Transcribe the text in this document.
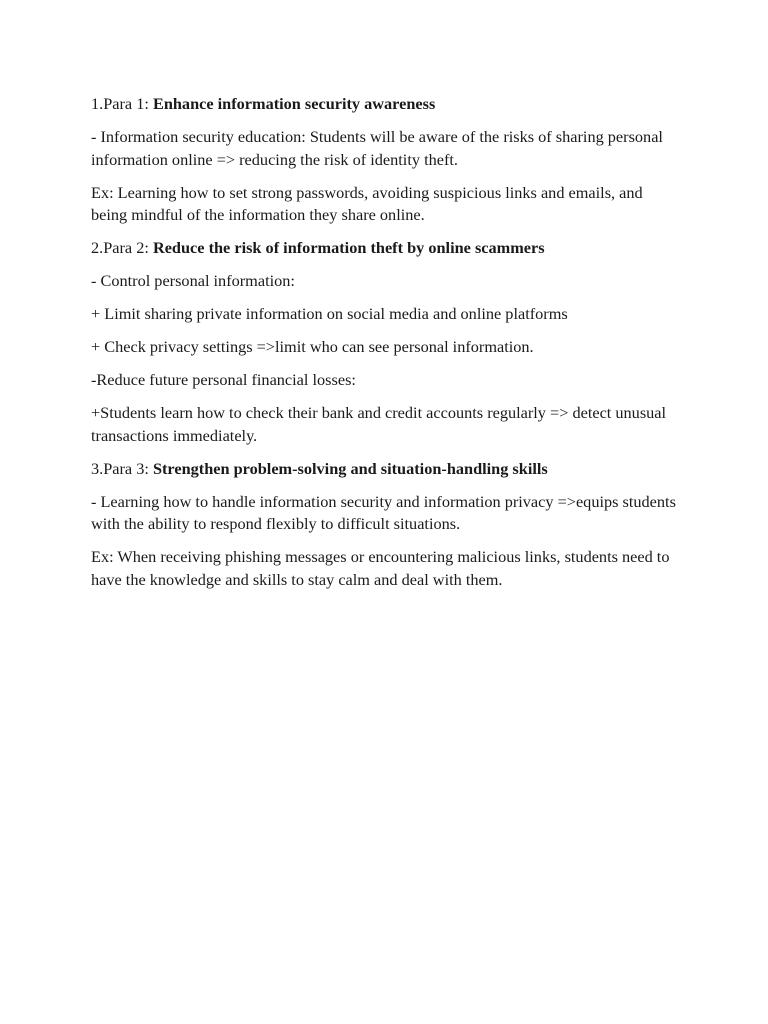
1.Para 1: Enhance information security awareness

- Information security education: Students will be aware of the risks of sharing personal information online => reducing the risk of identity theft.

Ex: Learning how to set strong passwords, avoiding suspicious links and emails, and being mindful of the information they share online.

2.Para 2: Reduce the risk of information theft by online scammers

- Control personal information:

+ Limit sharing private information on social media and online platforms

+ Check privacy settings =>limit who can see personal information.

-Reduce future personal financial losses:

+Students learn how to check their bank and credit accounts regularly => detect unusual transactions immediately.

3.Para 3: Strengthen problem-solving and situation-handling skills

- Learning how to handle information security and information privacy =>equips students with the ability to respond flexibly to difficult situations.

Ex: When receiving phishing messages or encountering malicious links, students need to have the knowledge and skills to stay calm and deal with them.
